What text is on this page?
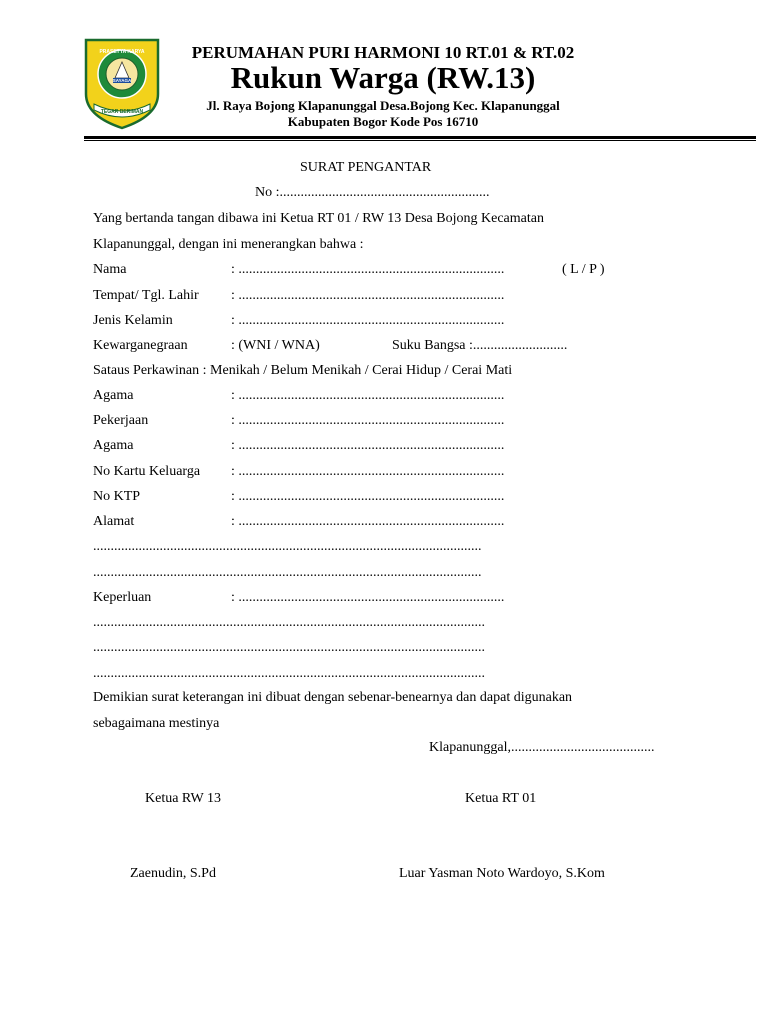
PRASETYA KARYA
SAYAGA
TEGAR BERIMAN
PERUMAHAN PURI HARMONI 10 RT.01 & RT.02
Rukun Warga (RW.13)
Jl. Raya Bojong Klapanunggal Desa.Bojong Kec. Klapanunggal
Kabupaten Bogor Kode Pos 16710
SURAT PENGANTAR
No :............................................................
Yang bertanda tangan dibawa ini Ketua RT 01 / RW 13 Desa Bojong Kecamatan
Klapanunggal, dengan ini menerangkan bahwa :
Nama	: ............................................................................	( L / P )
Tempat/ Tgl. Lahir : ............................................................................
Jenis Kelamin	: ............................................................................
Kewarganegraan	: (WNI / WNA)	Suku Bangsa :...........................
Sataus Perkawinan : Menikah / Belum Menikah / Cerai Hidup / Cerai Mati
Agama	: ............................................................................
Pekerjaan	: ............................................................................
Agama	: ............................................................................
No Kartu Keluarga : ............................................................................
No KTP	: ............................................................................
Alamat	: ............................................................................
...............................................................................................................
...............................................................................................................
Keperluan	: ............................................................................
................................................................................................................
................................................................................................................
................................................................................................................
Demikian surat keterangan ini dibuat dengan sebenar-benearnya dan dapat digunakan
sebagaimana mestinya
Klapanunggal,.........................................
Ketua RW 13	Ketua RT 01
Zaenudin, S.Pd	Luar Yasman Noto Wardoyo, S.Kom
